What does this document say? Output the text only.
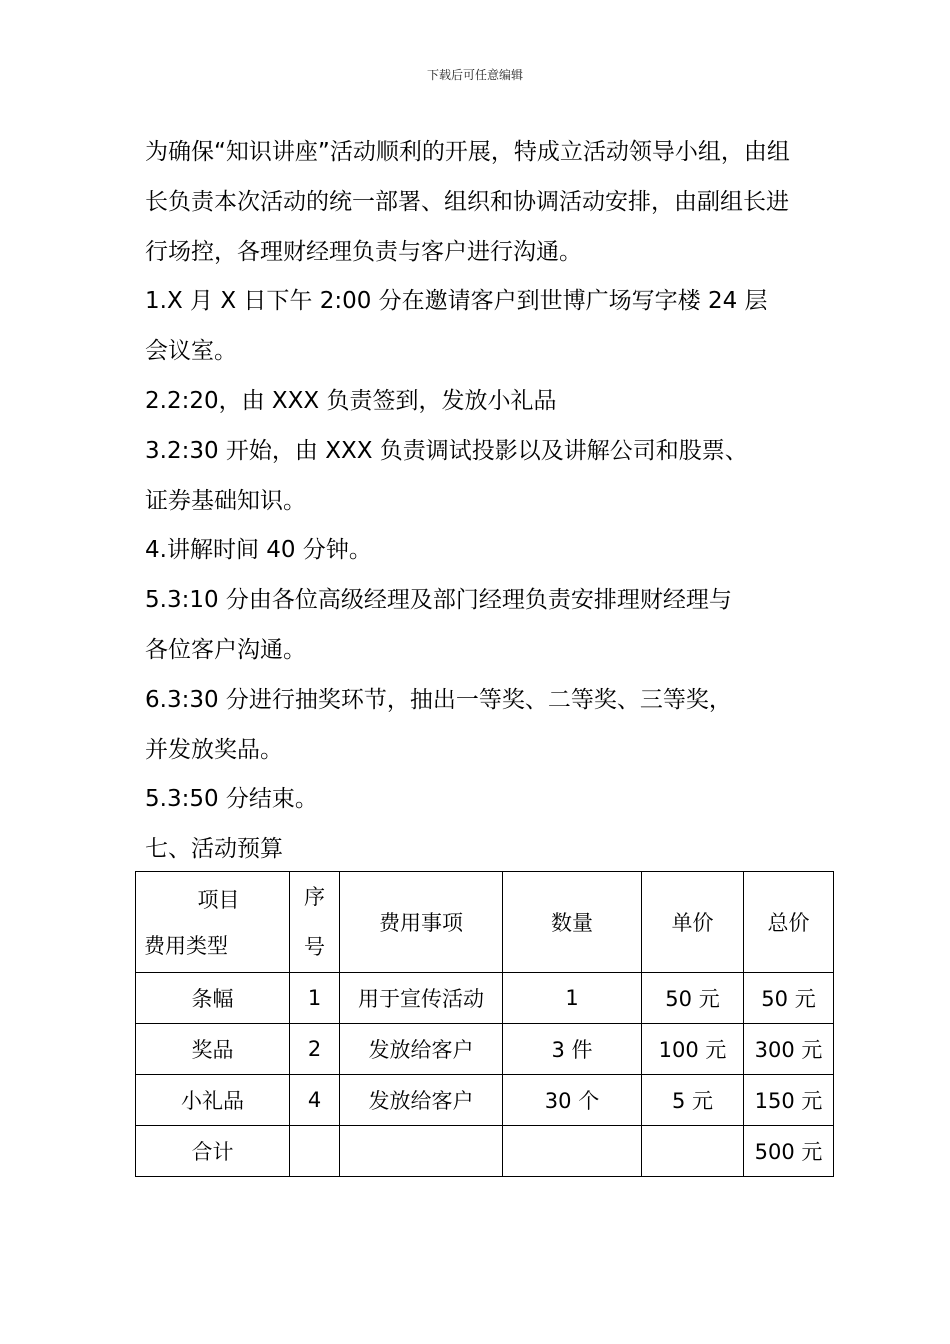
下载后可任意编辑
为确保“知识讲座”活动顺利的开展，特成立活动领导小组，由组
长负责本次活动的统一部署、组织和协调活动安排，由副组长进
行场控，各理财经理负责与客户进行沟通。
1.X 月 X 日下午 2:00 分在邀请客户到世博广场写字楼 24 层
会议室。
2.2:20，由 XXX 负责签到，发放小礼品
3.2:30 开始，由 XXX 负责调试投影以及讲解公司和股票、
证券基础知识。
4.讲解时间 40 分钟。
5.3:10 分由各位高级经理及部门经理负责安排理财经理与
各位客户沟通。
6.3:30 分进行抽奖环节，抽出一等奖、二等奖、三等奖，
并发放奖品。
5.3:50 分结束。
七、活动预算
项目
费用类型	序
号	费用事项	数量	单价	总价
条幅	1	用于宣传活动	1	50 元	50 元
奖品	2	发放给客户	3 件	100 元	300 元
小礼品	4	发放给客户	30 个	5 元	150 元
合计					500 元
